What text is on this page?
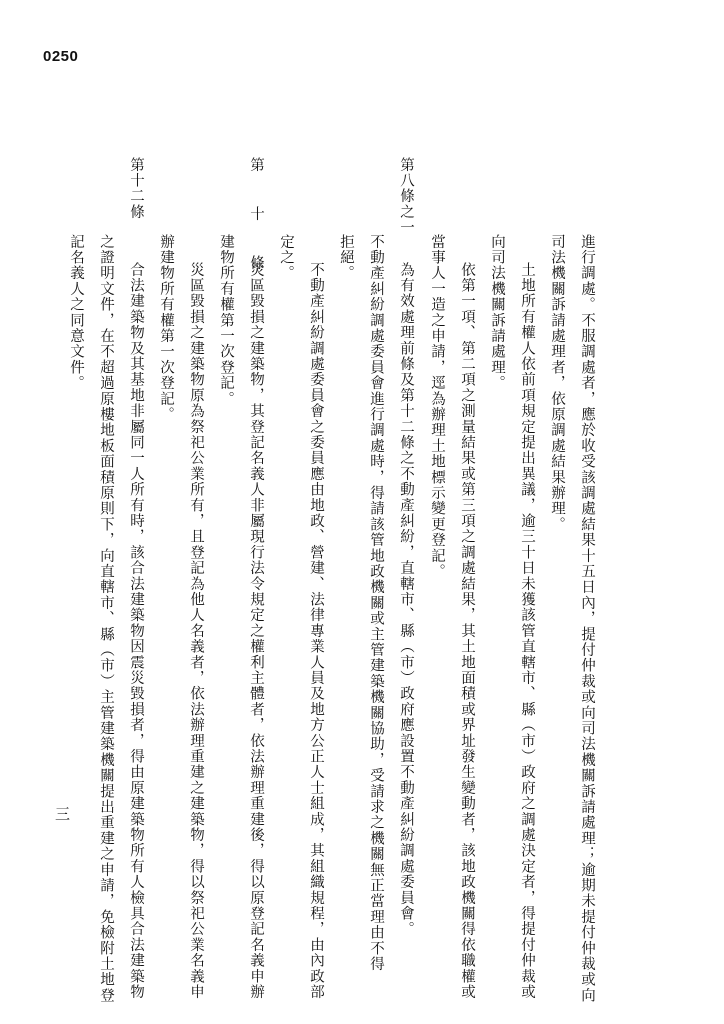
0250
進行調處。不服調處者，應於收受該調處結果十五日內，提付仲裁或向司法機關訴請處理；逾期未提付仲裁或向
司法機關訴請處理者，依原調處結果辦理。
土地所有權人依前項規定提出異議，逾三十日未獲該管直轄市、縣（市）政府之調處決定者，得提付仲裁或
向司法機關訴請處理。
依第一項、第二項之測量結果或第三項之調處結果，其土地面積或界址發生變動者，該地政機關得依職權或
當事人一造之申請，逕為辦理土地標示變更登記。
第八條之一
為有效處理前條及第十二條之不動產糾紛，直轄市、縣（市）政府應設置不動產糾紛調處委員會。
不動產糾紛調處委員會進行調處時，得請該管地政機關或主管建築機關協助，受請求之機關無正當理由不得
拒絕。
不動產糾紛調處委員會之委員應由地政、營建、法律專業人員及地方公正人士組成，其組織規程，由內政部
定之。
第　十　條
災區毀損之建築物，其登記名義人非屬現行法令規定之權利主體者，依法辦理重建後，得以原登記名義申辦
建物所有權第一次登記。
災區毀損之建築物原為祭祀公業所有，且登記為他人名義者，依法辦理重建之建築物，得以祭祀公業名義申
辦建物所有權第一次登記。
第十二條
合法建築物及其基地非屬同一人所有時，該合法建築物因震災毀損者，得由原建築物所有人檢具合法建築物
之證明文件，在不超過原樓地板面積原則下，向直轄市、縣（市）主管建築機關提出重建之申請，免檢附土地登
記名義人之同意文件。
三
